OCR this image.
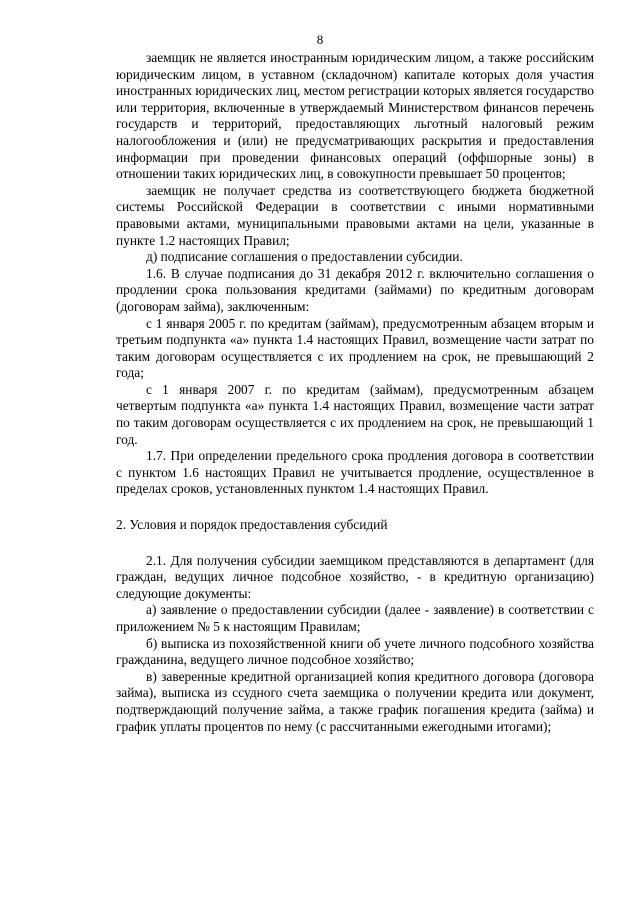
8

заемщик не является иностранным юридическим лицом, а также российским юридическим лицом, в уставном (складочном) капитале которых доля участия иностранных юридических лиц, местом регистрации которых является государство или территория, включенные в утверждаемый Министерством финансов перечень государств и территорий, предоставляющих льготный налоговый режим налогообложения и (или) не предусматривающих раскрытия и предоставления информации при проведении финансовых операций (оффшорные зоны) в отношении таких юридических лиц, в совокупности превышает 50 процентов;

заемщик не получает средства из соответствующего бюджета бюджетной системы Российской Федерации в соответствии с иными нормативными правовыми актами, муниципальными правовыми актами на цели, указанные в пункте 1.2 настоящих Правил;

д) подписание соглашения о предоставлении субсидии.

1.6. В случае подписания до 31 декабря 2012 г. включительно соглашения о продлении срока пользования кредитами (займами) по кредитным договорам (договорам займа), заключенным:

с 1 января 2005 г. по кредитам (займам), предусмотренным абзацем вторым и третьим подпункта «а» пункта 1.4 настоящих Правил, возмещение части затрат по таким договорам осуществляется с их продлением на срок, не превышающий 2 года;

с 1 января 2007 г. по кредитам (займам), предусмотренным абзацем четвертым подпункта «а» пункта 1.4 настоящих Правил, возмещение части затрат по таким договорам осуществляется с их продлением на срок, не превышающий 1 год.

1.7. При определении предельного срока продления договора в соответствии с пунктом 1.6 настоящих Правил не учитывается продление, осуществленное в пределах сроков, установленных пунктом 1.4 настоящих Правил.

2. Условия и порядок предоставления субсидий

2.1. Для получения субсидии заемщиком представляются в департамент (для граждан, ведущих личное подсобное хозяйство, - в кредитную организацию) следующие документы:

а) заявление о предоставлении субсидии (далее - заявление) в соответствии с приложением № 5 к настоящим Правилам;

б) выписка из похозяйственной книги об учете личного подсобного хозяйства гражданина, ведущего личное подсобное хозяйство;

в) заверенные кредитной организацией копия кредитного договора (договора займа), выписка из ссудного счета заемщика о получении кредита или документ, подтверждающий получение займа, а также график погашения кредита (займа) и график уплаты процентов по нему (с рассчитанными ежегодными итогами);
